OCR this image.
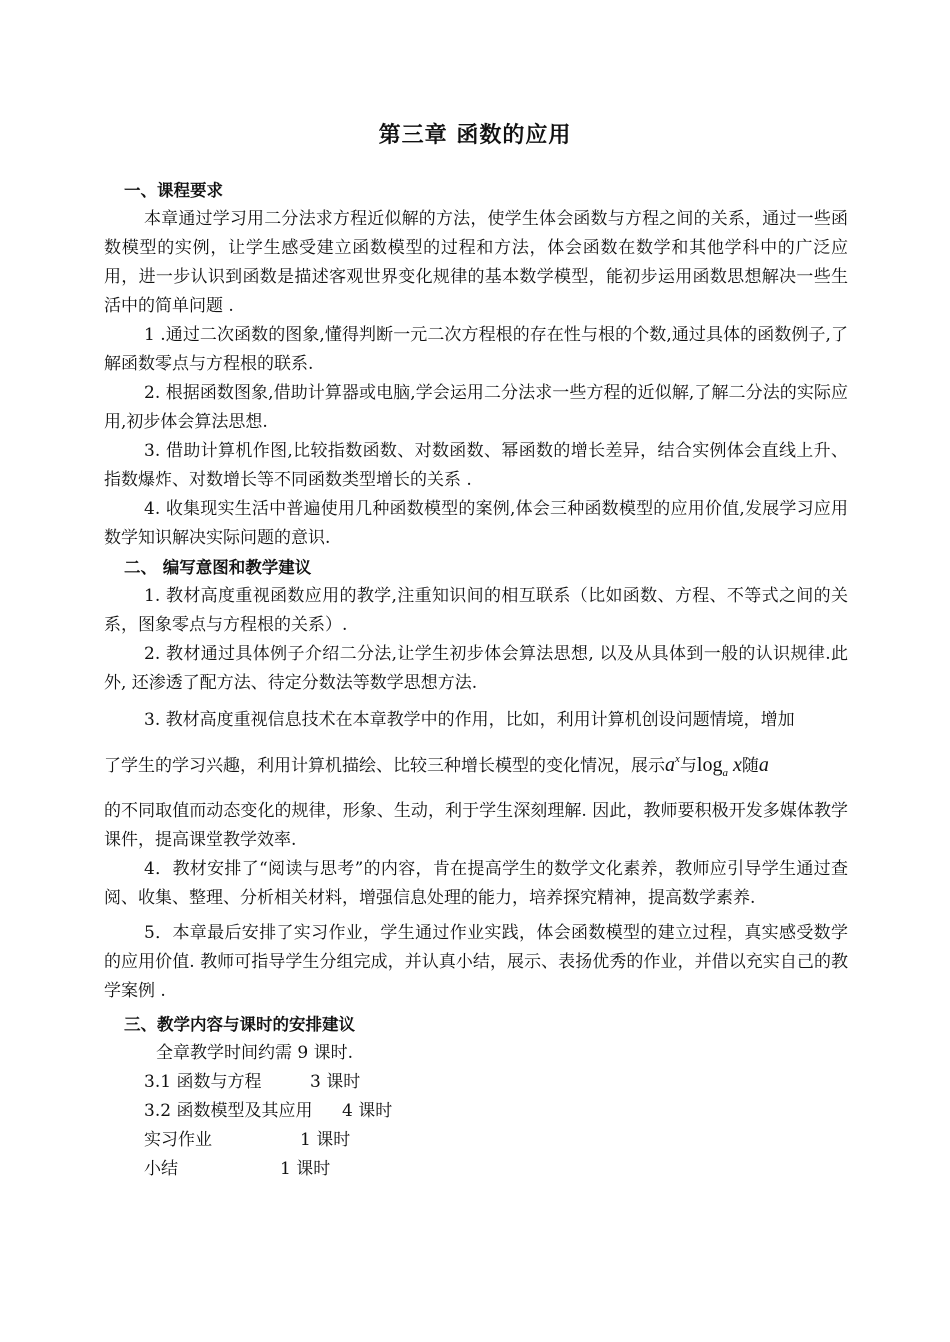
第三章 函数的应用

一、课程要求

本章通过学习用二分法求方程近似解的方法，使学生体会函数与方程之间的关系，通过一些函数模型的实例，让学生感受建立函数模型的过程和方法，体会函数在数学和其他学科中的广泛应用，进一步认识到函数是描述客观世界变化规律的基本数学模型，能初步运用函数思想解决一些生活中的简单问题 .

1 .通过二次函数的图象,懂得判断一元二次方程根的存在性与根的个数,通过具体的函数例子,了解函数零点与方程根的联系.

2. 根据函数图象,借助计算器或电脑,学会运用二分法求一些方程的近似解,了解二分法的实际应用,初步体会算法思想.

3. 借助计算机作图,比较指数函数、对数函数、幂函数的增长差异，结合实例体会直线上升、指数爆炸、对数增长等不同函数类型增长的关系 .

4. 收集现实生活中普遍使用几种函数模型的案例,体会三种函数模型的应用价值,发展学习应用数学知识解决实际问题的意识.

二、 编写意图和教学建议

1. 教材高度重视函数应用的教学,注重知识间的相互联系（比如函数、方程、不等式之间的关系，图象零点与方程根的关系）.

2. 教材通过具体例子介绍二分法,让学生初步体会算法思想, 以及从具体到一般的认识规律.此外, 还渗透了配方法、待定分数法等数学思想方法.

3. 教材高度重视信息技术在本章教学中的作用，比如，利用计算机创设问题情境，增加

了学生的学习兴趣，利用计算机描绘、比较三种增长模型的变化情况，展示$a^x$与$\log_a x$随a

的不同取值而动态变化的规律，形象、生动，利于学生深刻理解. 因此，教师要积极开发多媒体教学课件，提高课堂教学效率.

4．教材安排了“阅读与思考”的内容，肯在提高学生的数学文化素养，教师应引导学生通过查阅、收集、整理、分析相关材料，增强信息处理的能力，培养探究精神，提高数学素养.

5．本章最后安排了实习作业，学生通过作业实践，体会函数模型的建立过程，真实感受数学的应用价值. 教师可指导学生分组完成，并认真小结，展示、表扬优秀的作业，并借以充实自己的教学案例 .

三、教学内容与课时的安排建议

全章教学时间约需 9 课时.

3.1 函数与方程	3 课时
3.2 函数模型及其应用	4 课时
实习作业	1 课时
小结	1 课时
